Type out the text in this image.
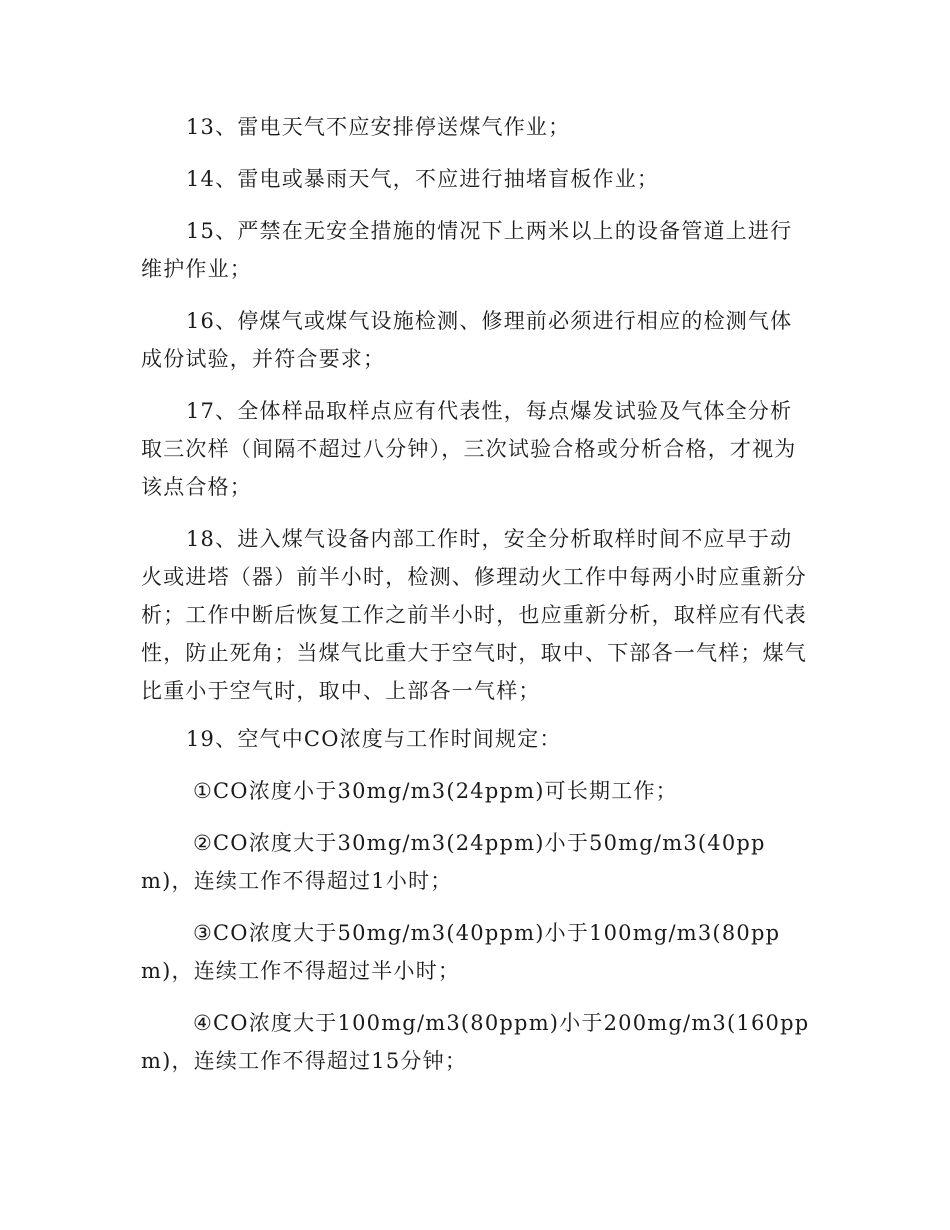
13、雷电天气不应安排停送煤气作业；

14、雷电或暴雨天气，不应进行抽堵盲板作业；

15、严禁在无安全措施的情况下上两米以上的设备管道上进行维护作业；

16、停煤气或煤气设施检测、修理前必须进行相应的检测气体成份试验，并符合要求；

17、全体样品取样点应有代表性，每点爆发试验及气体全分析取三次样（间隔不超过八分钟），三次试验合格或分析合格，才视为该点合格；

18、进入煤气设备内部工作时，安全分析取样时间不应早于动火或进塔（器）前半小时，检测、修理动火工作中每两小时应重新分析；工作中断后恢复工作之前半小时，也应重新分析，取样应有代表性，防止死角；当煤气比重大于空气时，取中、下部各一气样；煤气比重小于空气时，取中、上部各一气样；

19、空气中CO浓度与工作时间规定：

①CO浓度小于30mg/m3(24ppm)可长期工作；

②CO浓度大于30mg/m3(24ppm)小于50mg/m3(40ppm)，连续工作不得超过1小时；

③CO浓度大于50mg/m3(40ppm)小于100mg/m3(80ppm)，连续工作不得超过半小时；

④CO浓度大于100mg/m3(80ppm)小于200mg/m3(160ppm)，连续工作不得超过15分钟；
